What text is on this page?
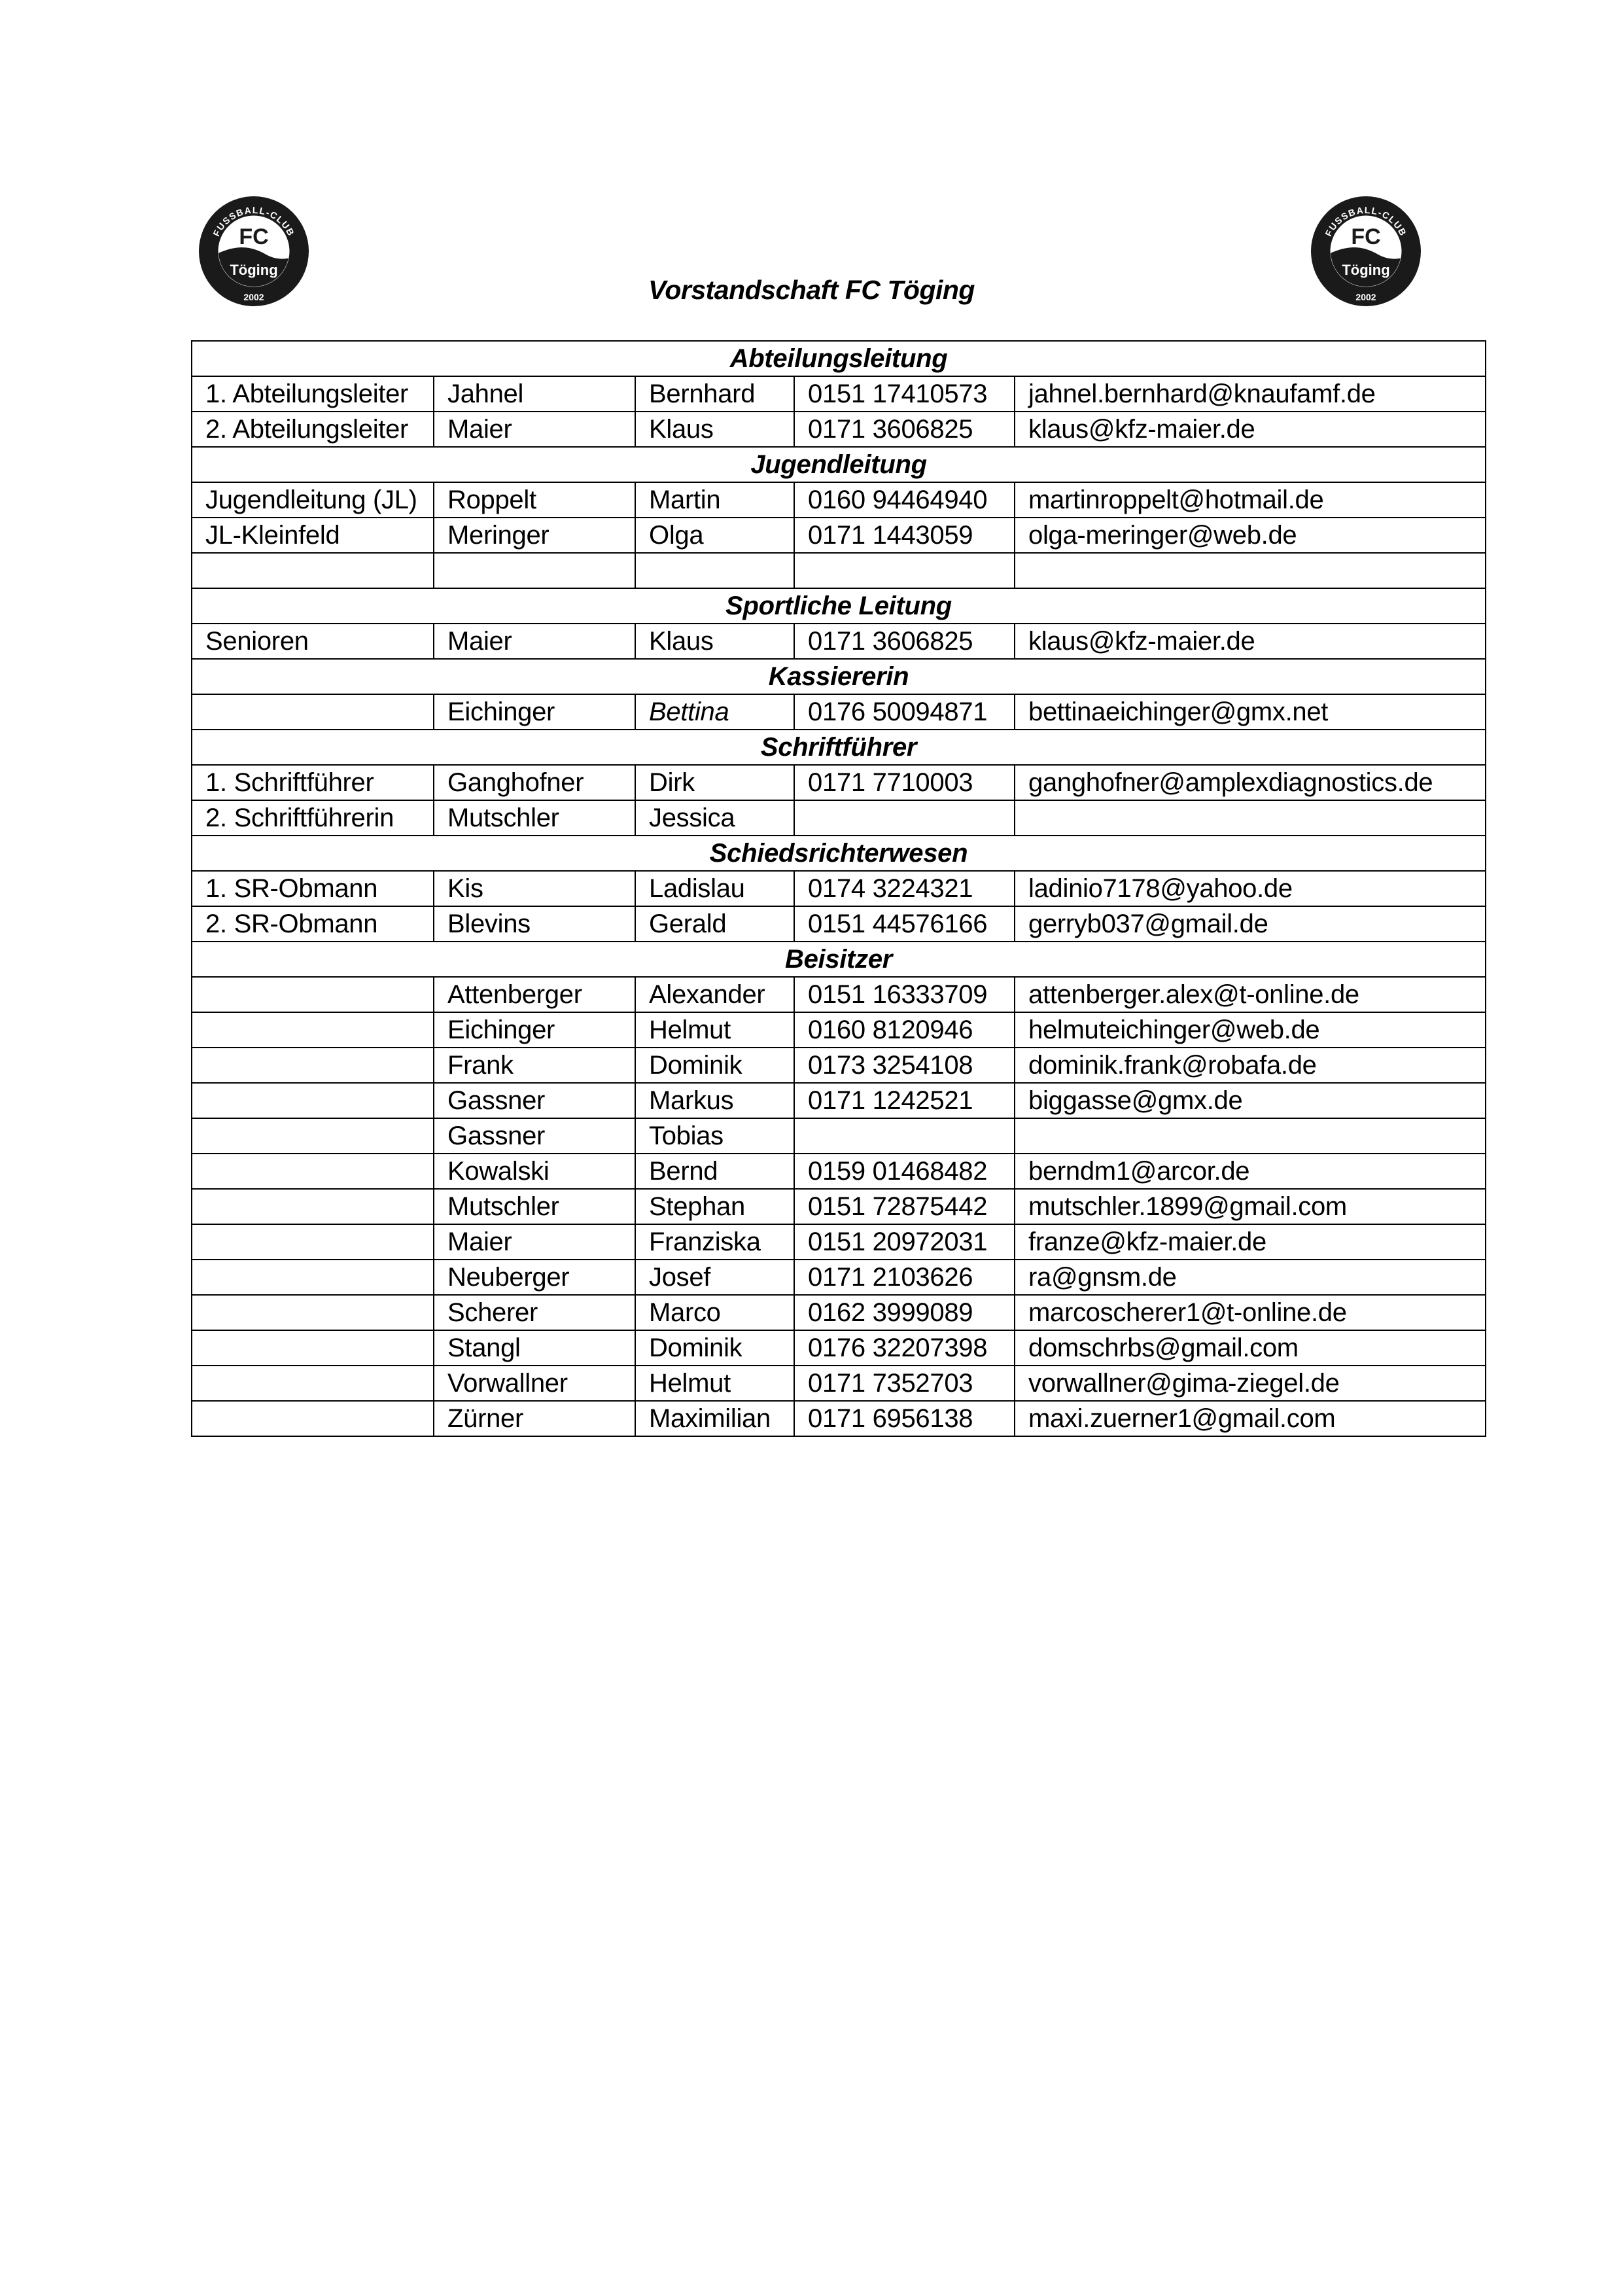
FUSSBALL-CLUB
FC
Töging
2002
FUSSBALL-CLUB
FC
Töging
2002
Vorstandschaft FC Töging
Abteilungsleitung				
1. Abteilungsleiter	Jahnel	Bernhard	0151 17410573	jahnel.bernhard@knaufamf.de
2. Abteilungsleiter	Maier	Klaus	0171 3606825	klaus@kfz-maier.de
Jugendleitung				
Jugendleitung (JL)	Roppelt	Martin	0160 94464940	martinroppelt@hotmail.de
JL-Kleinfeld	Meringer	Olga	0171 1443059	olga-meringer@web.de

Sportliche Leitung				
Senioren	Maier	Klaus	0171 3606825	klaus@kfz-maier.de
Kassiererin				
	Eichinger	Bettina	0176 50094871	bettinaeichinger@gmx.net
Schriftführer				
1. Schriftführer	Ganghofner	Dirk	0171 7710003	ganghofner@amplexdiagnostics.de
2. Schriftführerin	Mutschler	Jessica		
Schiedsrichterwesen				
1. SR-Obmann	Kis	Ladislau	0174 3224321	ladinio7178@yahoo.de
2. SR-Obmann	Blevins	Gerald	0151 44576166	gerryb037@gmail.de
Beisitzer				
	Attenberger	Alexander	0151 16333709	attenberger.alex@t-online.de
	Eichinger	Helmut	0160 8120946	helmuteichinger@web.de
	Frank	Dominik	0173 3254108	dominik.frank@robafa.de
	Gassner	Markus	0171 1242521	biggasse@gmx.de
	Gassner	Tobias		
	Kowalski	Bernd	0159 01468482	berndm1@arcor.de
	Mutschler	Stephan	0151 72875442	mutschler.1899@gmail.com
	Maier	Franziska	0151 20972031	franze@kfz-maier.de
	Neuberger	Josef	0171 2103626	ra@gnsm.de
	Scherer	Marco	0162 3999089	marcoscherer1@t-online.de
	Stangl	Dominik	0176 32207398	domschrbs@gmail.com
	Vorwallner	Helmut	0171 7352703	vorwallner@gima-ziegel.de
	Zürner	Maximilian	0171 6956138	maxi.zuerner1@gmail.com
